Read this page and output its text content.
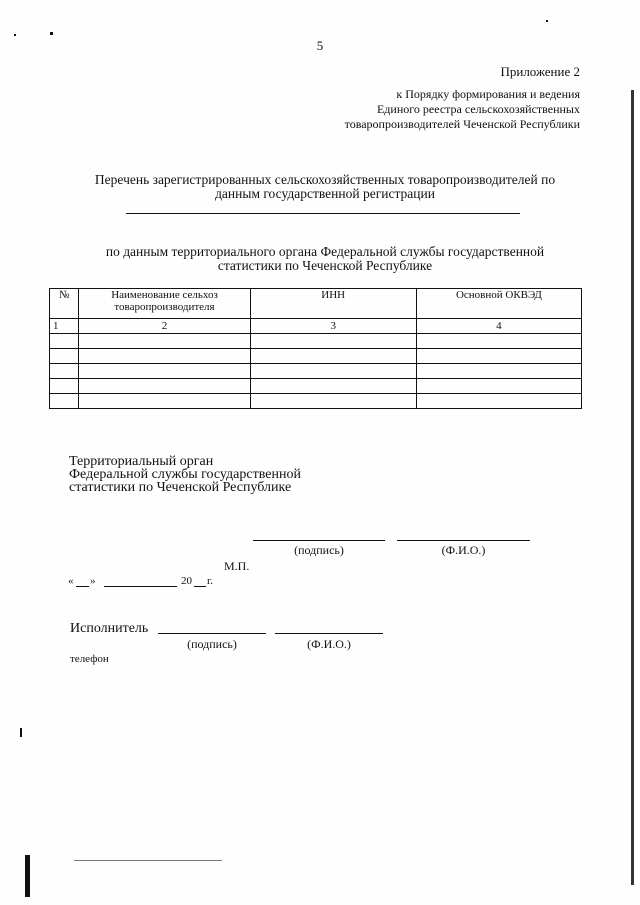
5
Приложение 2
к Порядку формирования и ведения
Единого реестра сельскохозяйственных
товаропроизводителей Чеченской Республики
Перечень зарегистрированных сельскохозяйственных товаропроизводителей по
данным государственной регистрации
по данным территориального органа Федеральной службы государственной
статистики по Чеченской Республике
№	Наименование сельхоз товаропроизводителя	ИНН	Основной ОКВЭД
1	2	3	4

Территориальный орган
Федеральной службы государственной
статистики по Чеченской Республике
(подпись)	(Ф.И.О.)
М.П.
« »	20 г.
Исполнитель
(подпись)	(Ф.И.О.)
телефон
